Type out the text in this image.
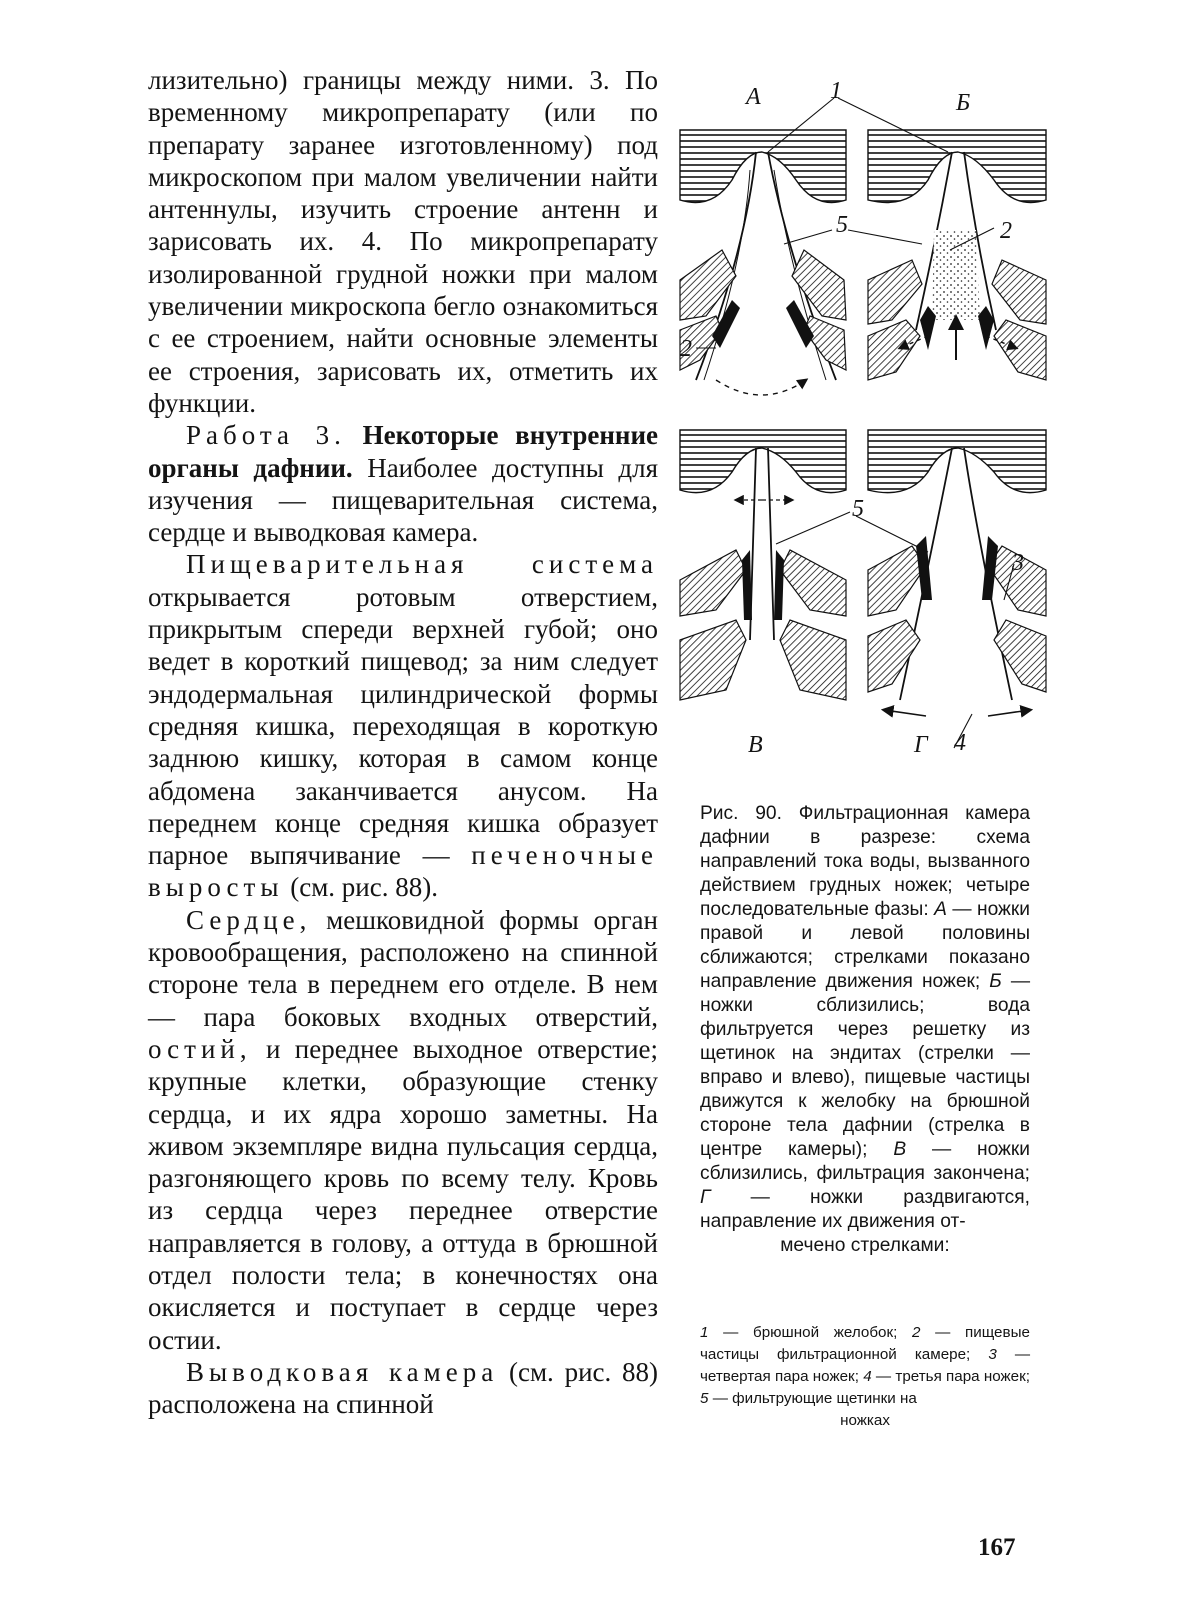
лизительно) границы между ними. 3. По временному микропрепарату (или по препарату заранее изготовленному) под микроскопом при малом увеличении найти антеннулы, изучить строение антенн и зарисовать их. 4. По микропрепарату изолированной грудной ножки при малом увеличении микроскопа бегло ознакомиться с ее строением, найти основные элементы ее строения, зарисовать их, отметить их функции.

Работа 3. Некоторые внутренние органы дафнии. Наиболее доступны для изучения — пищеварительная система, сердце и выводковая камера.

Пищеварительная система открывается ротовым отверстием, прикрытым спереди верхней губой; оно ведет в короткий пищевод; за ним следует эндодермальная цилиндрической формы средняя кишка, переходящая в короткую заднюю кишку, которая в самом конце абдомена заканчивается анусом. На переднем конце средняя кишка образует парное выпячивание — печеночные выросты (см. рис. 88).

Сердце, мешковидной формы орган кровообращения, расположено на спинной стороне тела в переднем его отделе. В нем — пара боковых входных отверстий, остий, и переднее выходное отверстие; крупные клетки, образующие стенку сердца, и их ядра хорошо заметны. На живом экземпляре видна пульсация сердца, разгоняющего кровь по всему телу. Кровь из сердца через переднее отверстие направляется в голову, а оттуда в брюшной отдел полости тела; в конечностях она окисляется и поступает в сердце через остии.

Выводковая камера (см. рис. 88) расположена на спинной

А	1	Б
5	2
2
5
3
В	Г 4

Рис. 90. Фильтрационная камера дафнии в разрезе: схема направлений тока воды, вызванного действием грудных ножек; четыре последовательные фазы: А — ножки правой и левой половины сближаются; стрелками показано направление движения ножек; Б — ножки сблизились; вода фильтруется через решетку из щетинок на эндитах (стрелки — вправо и влево), пищевые частицы движутся к желобку на брюшной стороне тела дафнии (стрелка в центре камеры); В — ножки сблизились, фильтрация закончена; Г — ножки раздвигаются, направление их движения от-

мечено стрелками:

1 — брюшной желобок; 2 — пищевые частицы фильтрационной камере; 3 — четвертая пара ножек; 4 — третья пара ножек; 5 — фильтрующие щетинки на
ножках
167
